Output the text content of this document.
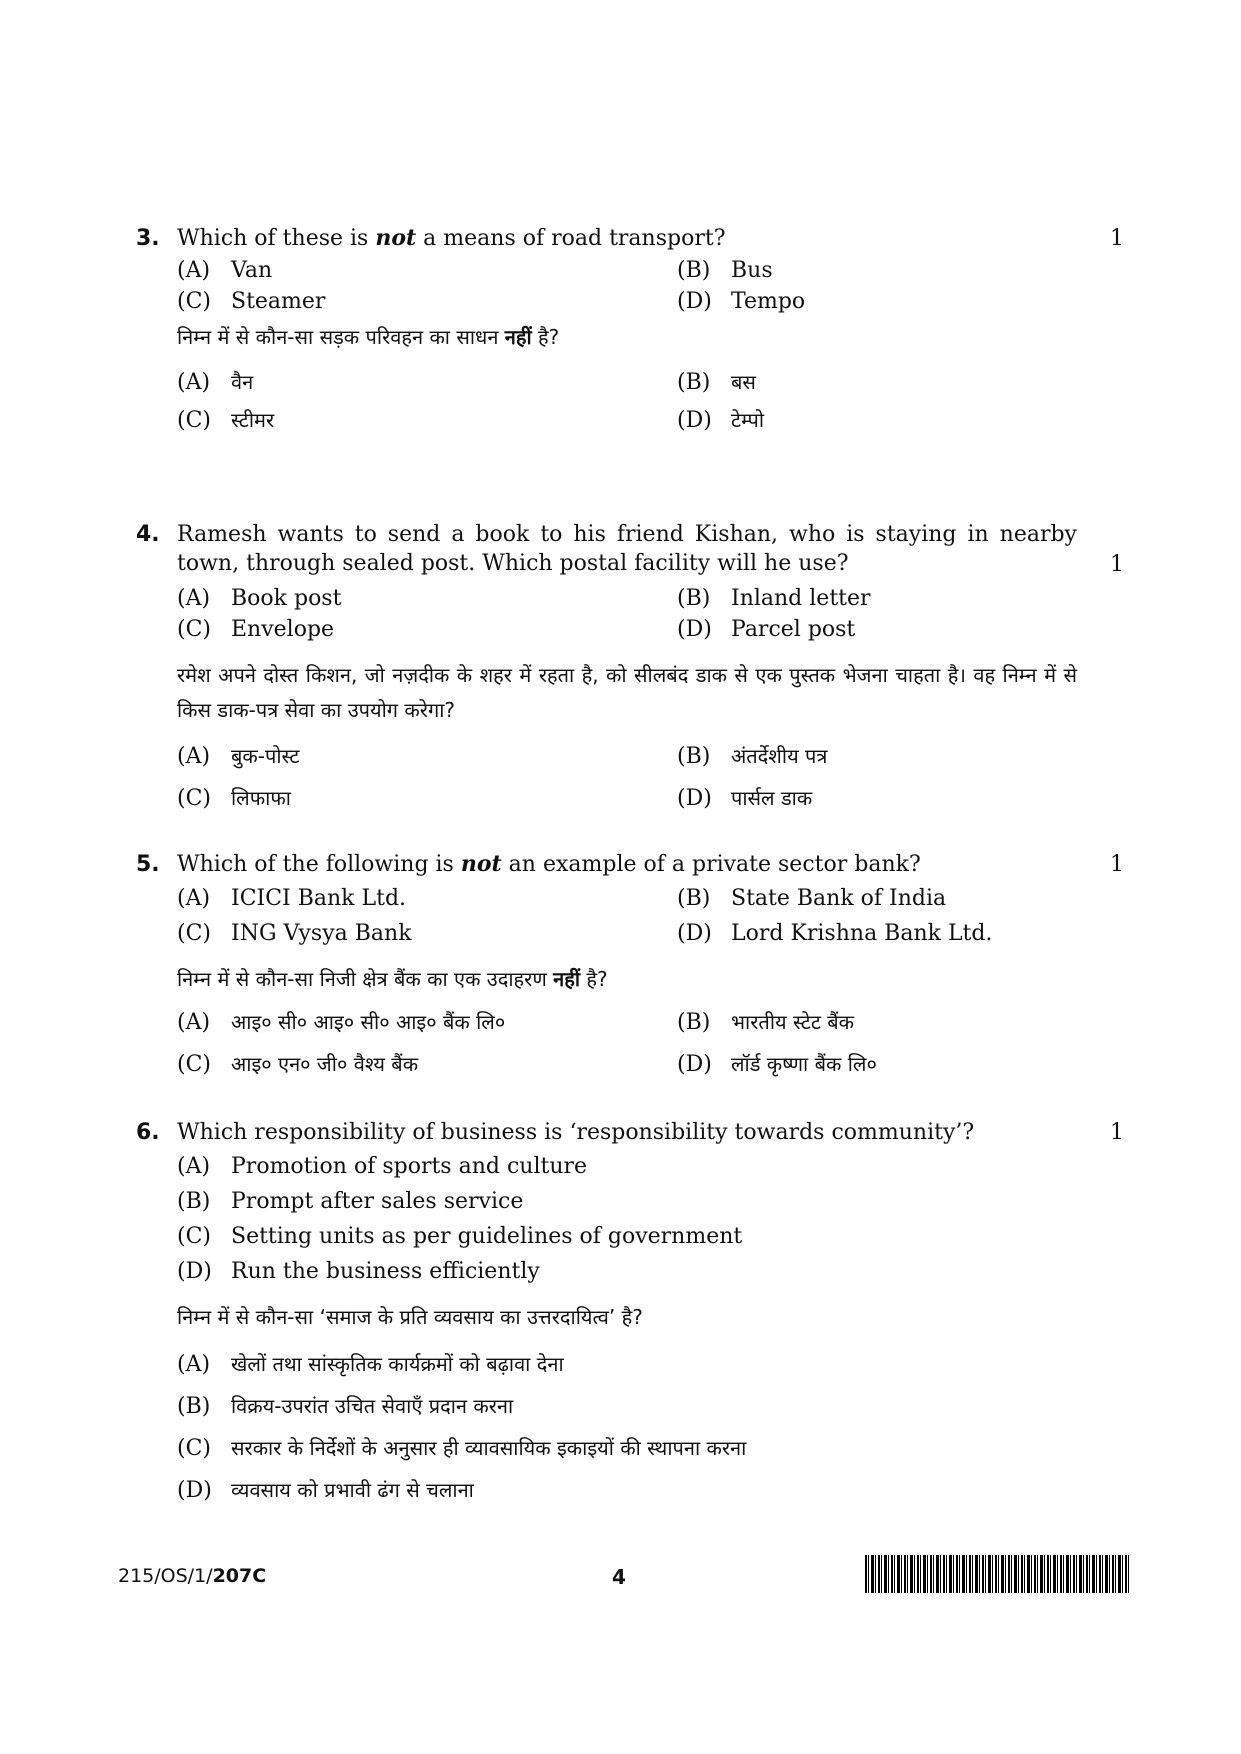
3. Which of these is not a means of road transport?	1
(A) Van	(B) Bus
(C) Steamer	(D) Tempo
निम्न में से कौन-सा सड़क परिवहन का साधन नहीं है?
(A) वैन	(B) बस
(C) स्टीमर	(D) टेम्पो
4. Ramesh wants to send a book to his friend Kishan, who is staying in nearby town, through sealed post. Which postal facility will he use?	1
(A) Book post	(B) Inland letter
(C) Envelope	(D) Parcel post
रमेश अपने दोस्त किशन, जो नज़दीक के शहर में रहता है, को सीलबंद डाक से एक पुस्तक भेजना चाहता है। वह निम्न में से किस डाक-पत्र सेवा का उपयोग करेगा?
(A) बुक-पोस्ट	(B) अंतर्देशीय पत्र
(C) लिफाफा	(D) पार्सल डाक
5. Which of the following is not an example of a private sector bank?	1
(A) ICICI Bank Ltd.	(B) State Bank of India
(C) ING Vysya Bank	(D) Lord Krishna Bank Ltd.
निम्न में से कौन-सा निजी क्षेत्र बैंक का एक उदाहरण नहीं है?
(A) आइ० सी० आइ० सी० आइ० बैंक लि०	(B) भारतीय स्टेट बैंक
(C) आइ० एन० जी० वैश्य बैंक	(D) लॉर्ड कृष्णा बैंक लि०
6. Which responsibility of business is ‘responsibility towards community’?	1
(A) Promotion of sports and culture
(B) Prompt after sales service
(C) Setting units as per guidelines of government
(D) Run the business efficiently
निम्न में से कौन-सा ‘समाज के प्रति व्यवसाय का उत्तरदायित्व’ है?
(A) खेलों तथा सांस्कृतिक कार्यक्रमों को बढ़ावा देना
(B) विक्रय-उपरांत उचित सेवाएँ प्रदान करना
(C) सरकार के निर्देशों के अनुसार ही व्यावसायिक इकाइयों की स्थापना करना
(D) व्यवसाय को प्रभावी ढंग से चलाना
215/OS/1/207C	4
